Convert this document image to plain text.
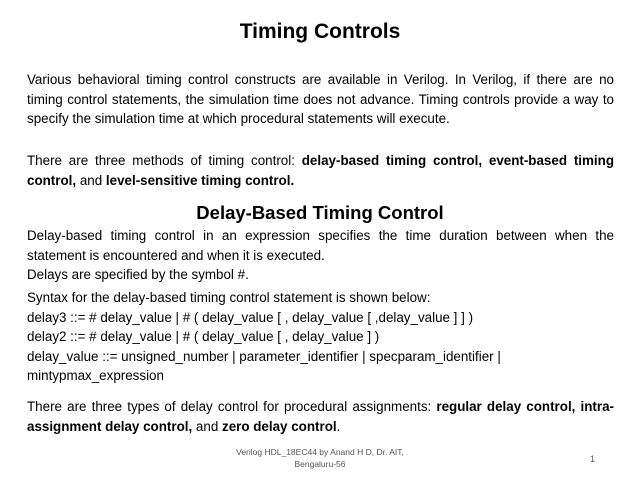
Timing Controls

Various behavioral timing control constructs are available in Verilog. In Verilog, if there are no timing control statements, the simulation time does not advance. Timing controls provide a way to specify the simulation time at which procedural statements will execute.

There are three methods of timing control: delay-based timing control, event-based timing control, and level-sensitive timing control.

Delay-Based Timing Control

Delay-based timing control in an expression specifies the time duration between when the statement is encountered and when it is executed.

Delays are specified by the symbol #.

Syntax for the delay-based timing control statement is shown below:
delay3 ::= # delay_value | # ( delay_value [ , delay_value [ ,delay_value ] ] )
delay2 ::= # delay_value | # ( delay_value [ , delay_value ] )
delay_value ::= unsigned_number | parameter_identifier | specparam_identifier |
mintypmax_expression

There are three types of delay control for procedural assignments: regular delay control, intra-assignment delay control, and zero delay control.

Verilog HDL_18EC44 by Anand H D, Dr. AIT,
Bengaluru-56	1
